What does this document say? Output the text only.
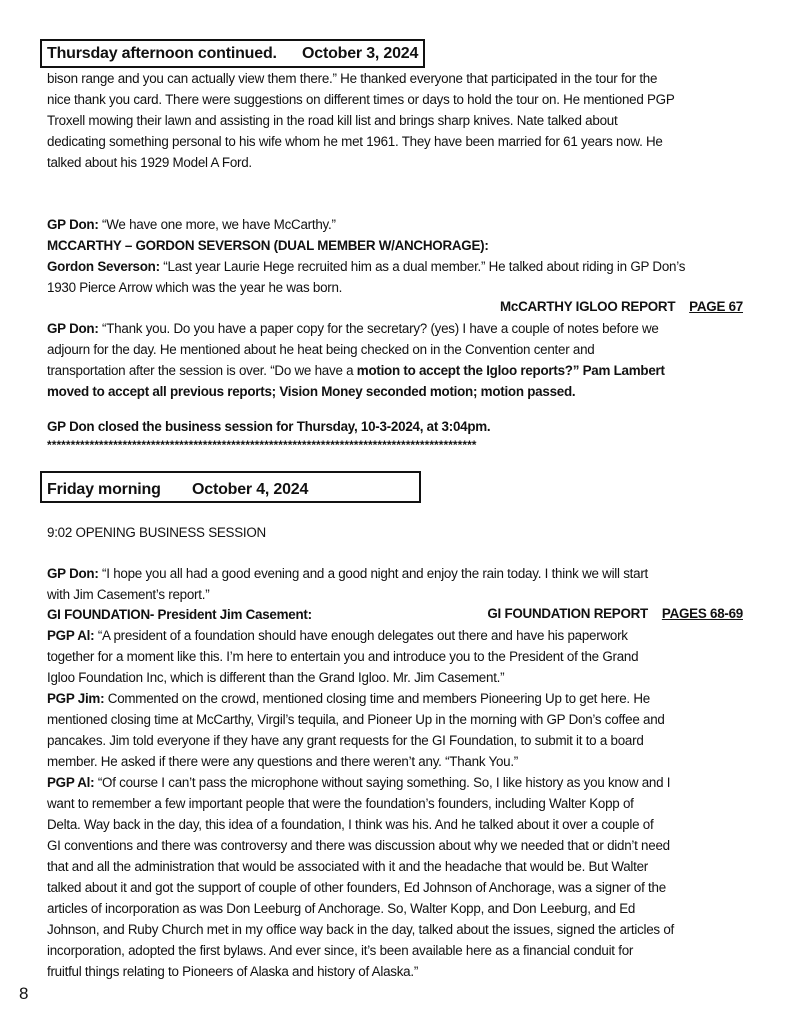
Thursday afternoon continued. October 3, 2024
bison range and you can actually view them there.” He thanked everyone that participated in the tour for the
nice thank you card. There were suggestions on different times or days to hold the tour on. He mentioned PGP
Troxell mowing their lawn and assisting in the road kill list and brings sharp knives. Nate talked about
dedicating something personal to his wife whom he met 1961. They have been married for 61 years now. He
talked about his 1929 Model A Ford.
GP Don: “We have one more, we have McCarthy.”
MCCARTHY – GORDON SEVERSON (DUAL MEMBER W/ANCHORAGE):
Gordon Severson: “Last year Laurie Hege recruited him as a dual member.” He talked about riding in GP Don’s
1930 Pierce Arrow which was the year he was born.
McCARTHY IGLOO REPORT PAGE 67
GP Don: “Thank you. Do you have a paper copy for the secretary? (yes) I have a couple of notes before we
adjourn for the day. He mentioned about he heat being checked on in the Convention center and
transportation after the session is over. “Do we have a motion to accept the Igloo reports?” Pam Lambert
moved to accept all previous reports; Vision Money seconded motion; motion passed.
GP Don closed the business session for Thursday, 10-3-2024, at 3:04pm.
*******************************************************************************************
Friday morning October 4, 2024
9:02 OPENING BUSINESS SESSION
GP Don: “I hope you all had a good evening and a good night and enjoy the rain today. I think we will start
with Jim Casement’s report.”
GI FOUNDATION- President Jim Casement:	GI FOUNDATION REPORT PAGES 68-69
PGP Al: “A president of a foundation should have enough delegates out there and have his paperwork
together for a moment like this. I’m here to entertain you and introduce you to the President of the Grand
Igloo Foundation Inc, which is different than the Grand Igloo. Mr. Jim Casement.”
PGP Jim: Commented on the crowd, mentioned closing time and members Pioneering Up to get here. He
mentioned closing time at McCarthy, Virgil’s tequila, and Pioneer Up in the morning with GP Don’s coffee and
pancakes. Jim told everyone if they have any grant requests for the GI Foundation, to submit it to a board
member. He asked if there were any questions and there weren’t any. “Thank You.”
PGP Al: “Of course I can’t pass the microphone without saying something. So, I like history as you know and I
want to remember a few important people that were the foundation’s founders, including Walter Kopp of
Delta. Way back in the day, this idea of a foundation, I think was his. And he talked about it over a couple of
GI conventions and there was controversy and there was discussion about why we needed that or didn’t need
that and all the administration that would be associated with it and the headache that would be. But Walter
talked about it and got the support of couple of other founders, Ed Johnson of Anchorage, was a signer of the
articles of incorporation as was Don Leeburg of Anchorage. So, Walter Kopp, and Don Leeburg, and Ed
Johnson, and Ruby Church met in my office way back in the day, talked about the issues, signed the articles of
incorporation, adopted the first bylaws. And ever since, it’s been available here as a financial conduit for
fruitful things relating to Pioneers of Alaska and history of Alaska.”
8
